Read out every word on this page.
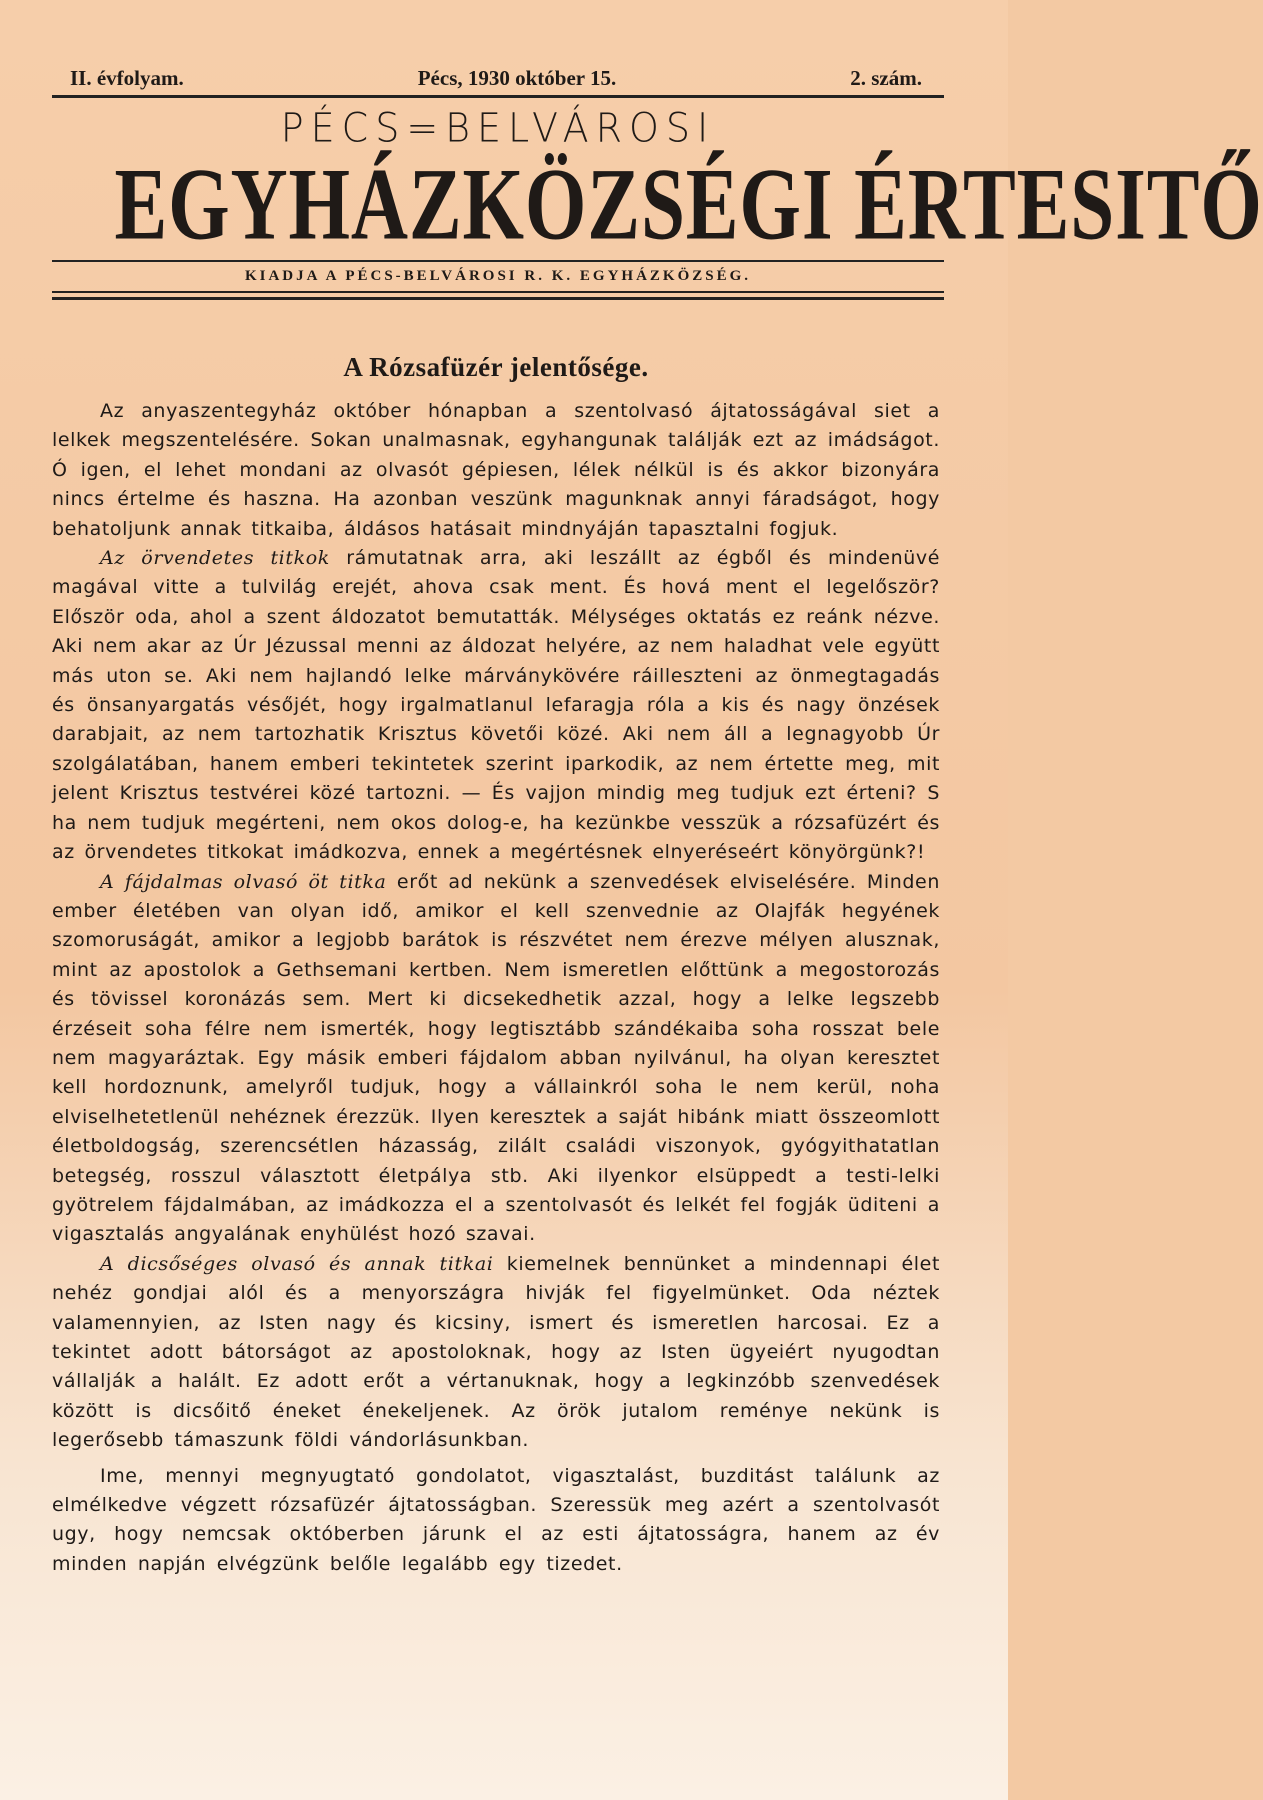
II. évfolyam.	Pécs, 1930 október 15.	2. szám.
PÉCS=BELVÁROSI
EGYHÁZKÖZSÉGI ÉRTESITŐ
KIADJA A PÉCS-BELVÁROSI R. K. EGYHÁZKÖZSÉG.
A Rózsafüzér jelentősége.

Az anyaszentegyház október hónapban a szentolvasó ájtatosságával siet a lelkek megszentelésére. Sokan unalmasnak, egyhangunak találják ezt az imádságot. Ó igen, el lehet mondani az olvasót gépiesen, lélek nélkül is és akkor bizonyára nincs értelme és haszna. Ha azonban veszünk magunknak annyi fáradságot, hogy behatoljunk annak titkaiba, áldásos hatásait mindnyáján tapasztalni fogjuk.

Az örvendetes titkok rámutatnak arra, aki leszállt az égből és mindenüvé magával vitte a tulvilág erejét, ahova csak ment. És hová ment el legelőször? Először oda, ahol a szent áldozatot bemutatták. Mélységes oktatás ez reánk nézve. Aki nem akar az Úr Jézussal menni az áldozat helyére, az nem haladhat vele együtt más uton se. Aki nem hajlandó lelke márványkövére ráilleszteni az önmegtagadás és önsanyargatás vésőjét, hogy irgalmatlanul lefaragja róla a kis és nagy önzések darabjait, az nem tartozhatik Krisztus követői közé. Aki nem áll a legnagyobb Úr szolgálatában, hanem emberi tekintetek szerint iparkodik, az nem értette meg, mit jelent Krisztus testvérei közé tartozni. — És vajjon mindig meg tudjuk ezt érteni? S ha nem tudjuk megérteni, nem okos dolog-e, ha kezünkbe vesszük a rózsafüzért és az örvendetes titkokat imádkozva, ennek a megértésnek elnyeréseért könyörgünk?!

A fájdalmas olvasó öt titka erőt ad nekünk a szenvedések elviselésére. Minden ember életében van olyan idő, amikor el kell szenvednie az Olajfák hegyének szomoruságát, amikor a legjobb barátok is részvétet nem érezve mélyen alusznak, mint az apostolok a Gethsemani kertben. Nem ismeretlen előttünk a megostorozás és tövissel koronázás sem. Mert ki dicsekedhetik azzal, hogy a lelke legszebb érzéseit soha félre nem ismerték, hogy legtisztább szándékaiba soha rosszat bele nem magyaráztak. Egy másik emberi fájdalom abban nyilvánul, ha olyan keresztet kell hordoznunk, amelyről tudjuk, hogy a vállainkról soha le nem kerül, noha elviselhetetlenül nehéznek érezzük. Ilyen keresztek a saját hibánk miatt összeomlott életboldogság, szerencsétlen házasság, zilált családi viszonyok, gyógyithatatlan betegség, rosszul választott életpálya stb. Aki ilyenkor elsüppedt a testi-lelki gyötrelem fájdalmában, az imádkozza el a szentolvasót és lelkét fel fogják üditeni a vigasztalás angyalának enyhülést hozó szavai.

A dicsőséges olvasó és annak titkai kiemelnek bennünket a mindennapi élet nehéz gondjai alól és a menyországra hivják fel figyelmünket. Oda néztek valamennyien, az Isten nagy és kicsiny, ismert és ismeretlen harcosai. Ez a tekintet adott bátorságot az apostoloknak, hogy az Isten ügyeiért nyugodtan vállalják a halált. Ez adott erőt a vértanuknak, hogy a legkinzóbb szenvedések között is dicsőitő éneket énekeljenek. Az örök jutalom reménye nekünk is legerősebb támaszunk földi vándorlásunkban.

Ime, mennyi megnyugtató gondolatot, vigasztalást, buzditást találunk az elmélkedve végzett rózsafüzér ájtatosságban. Szeressük meg azért a szentolvasót ugy, hogy nemcsak októberben járunk el az esti ájtatosságra, hanem az év minden napján elvégzünk belőle legalább egy tizedet.
